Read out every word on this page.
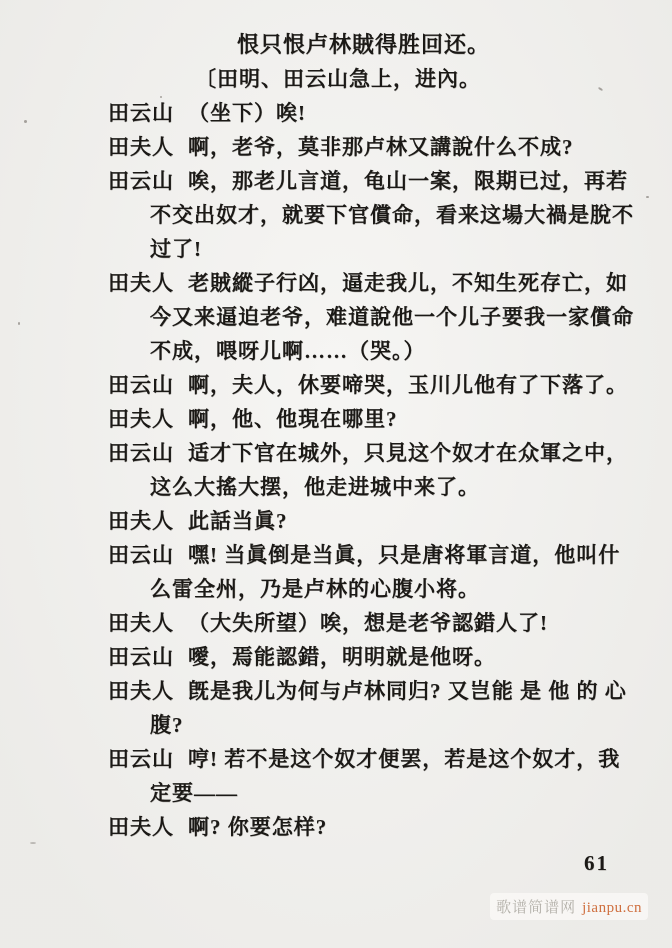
恨只恨卢林賊得胜回还。
〔田明、田云山急上，进內。
田云山 （坐下）唉!
田夫人 啊，老爷，莫非那卢林又講說什么不成?
田云山 唉，那老儿言道，龟山一案，限期已过，再若
不交出奴才，就要下官償命，看来这場大禍是脫不
过了!
田夫人 老賊縱子行凶，逼走我儿，不知生死存亡，如
今又来逼迫老爷，难道說他一个儿子要我一家償命
不成，喂呀儿啊……（哭。）
田云山 啊，夫人，休要啼哭，玉川儿他有了下落了。
田夫人 啊，他、他現在哪里?
田云山 适才下官在城外，只見这个奴才在众軍之中，
这么大搖大摆，他走进城中来了。
田夫人 此話当眞?
田云山 嘿! 当眞倒是当眞，只是唐将軍言道，他叫什
么雷全州，乃是卢林的心腹小将。
田夫人 （大失所望）唉，想是老爷認錯人了!
田云山 噯，焉能認錯，明明就是他呀。
田夫人 旣是我儿为何与卢林同归? 又岂能 是 他 的 心
腹?
田云山 哼! 若不是这个奴才便罢，若是这个奴才，我
定要——
田夫人 啊? 你要怎样?
61
歌谱简谱网 jianpu.cn
